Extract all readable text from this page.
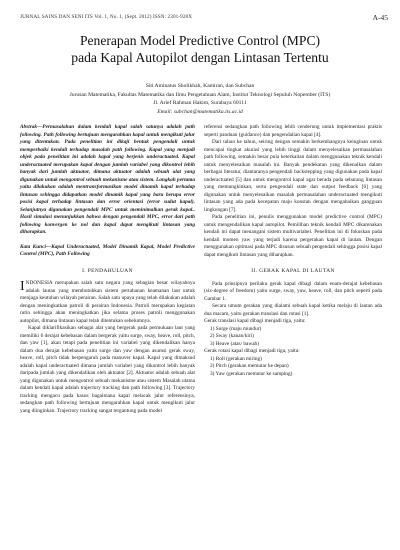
JURNAL SAINS DAN SENI ITS Vol. 1, No. 1, (Sept. 2012) ISSN: 2301-928X	A-45
Penerapan Model Predictive Control (MPC)
pada Kapal Autopilot dengan Lintasan Tertentu
Siti Aminatus Sholikhah, Kamiran, dan Subchan
Jurusan Matematika, Fakultas Matematika dan Ilmu Pengetahuan Alam, Institut Teknologi Sepuluh Nopember (ITS)
Jl. Arief Rahman Hakim, Surabaya 60111
Email: subchan@matematika.its.ac.id
Abstrak—Permasalahan dalam kendali kapal salah satunya adalah path following. Path following bertujuan mengarahkan kapal untuk mengikuti jalur yang ditentukan. Pada penelitian ini dikaji bentuk pengendali untuk memperbaiki kendali terhadap masalah path following. Kapal yang menjadi objek pada penelitian ini adalah kapal yang berjenis underactuated. Kapal underactuated merupakan kapal dengan jumlah variabel yang dikontrol lebih banyak dari jumlah aktuator, dimana aktuator adalah sebuah alat yang digunakan untuk mengontrol sebuah mekanisme atau sistem. Langkah pertama yaitu dilakukan adalah mentransformasikan model dinamik kapal terhadap lintasan sehingga didapatkan model dinamik kapal yang baru berupa error posisi kapal terhadap lintasan dan error orientasi (error sudut kapal). Selanjutnya digunakan pengendali MPC untuk meminimalkan gerak kapal.. Hasil simulasi menunjukkan bahwa dengan pengendali MPC, error dari path following konvergen ke nol dan kapal dapat mengikuti lintasan yang diharapkan.
Kata Kunci—Kapal Underactuated, Model Dinamik Kapal, Model Predictive Control (MPC), Path Following
I. PENDAHULUAN
INDONESIA merupakan salah satu negara yang sebagian besar wilayahnya adalah lautan yang membutuhkan sistem pertahanan keamanan laut untuk menjaga keutuhan wilayah perairan. Salah satu upaya yang telah dilakukan adalah dengan meningkatkan patroli di perairan Indonesia. Patroli merupakan kegiatan rutin sehingga akan meningkatkan jika selama proses patroli menggunakan autopilot, dimana lintasan kapal telah ditentukan sebelumnya.

Kapal diklarifikasikan sebagai alat yang bergerak pada permukaan laut yang memiliki 6 derajat kebebasan dalam bergerak yaitu surge, sway, heave, roll, pitch, dan yaw [1], akan tetapi pada penelitian ini variabel yang dikendalikan hanya dalam dua derajat kebebasan yaitu surge dan yaw dengan asumsi gerak sway, heave, roll, pitch tidak berpengaruh pada manuver kapal. Kapal yang dimaksud adalah kapal underactuated dimana jumlah variabel yang dikontrol lebih banyak daripada jumlah yang dikendalikan oleh aktuator [2]. Aktuator adalah sebuah alat yang digunakan untuk mengontrol sebuah mekanisme atau sistem Masalah utama dalam kendali kapal adalah trajectory tracking dan path following [3]. Trajectory tracking mengacu pada kasus bagaimana kapal melacak jalur referensinya, sedangkan path following bertujuan mengarahkan kapal untuk mengikuti jalur yang diinginkan. Trajectory tracking sangat tergantung pada model

referensi sedangkan path following lebih cenderung untuk implementasi praktis seperti panduan (guidance) dan pengendalian kapal [4].

Dari tahun ke tahun, seiring dengan semakin berkembangnya keinginan untuk mencapai tingkat akurasi yang lebih tinggi dalam menyelesaikan permasalahan path following, semakin besar pula keterkaitan dalam menggunakan teknik kendali untuk menyelesaikan masalah ini. Banyak pendekatan yang dikenalkan dalam berbagai literatur, diantaranya pengendali backstepping yang digunakan pada kapal underactuated [5] dan untuk mengontrol kapal agar berada pada sebarang lintasan yang memungkinkan, serta pengendali state dan output feedback [6] yang digunakan untuk menyelesaikan masalah permasalahan underactuated mengikuti lintasan yang ada pada kecepatan maju konstan dengan mengabaikan gangguan lingkungan [7].

Pada penelitian ini, penulis menggunakan model predictive control (MPC) untuk mengendalikan kapal autopilot. Pemilihan teknik kendali MPC dikarenakan kendali ini dapat menangani sistem multivariabel. Penelitian ini di fokuskan pada kendali momen yaw yang terjadi karena pergerakan kapal di lautan. Dengan menggunakan optimasi pada MPC disusun sebuah pengendali sehingga posisi kapal dapat mengikuti lintasan yang diharapkan.

II. GERAK KAPAL DI LAUTAN

Pada prinsipnya perilaku gerak kapal dibagi dalam enam-derajat kebebasan (six-degree of freedom) yaitu surge, sway, yaw, heave, roll, dan pitch seperti pada Gambar 1.

Secara umum gerakan yang dialami sebuah kapal ketika melaju di lautan ada dua macam, yaitu gerakan translasi dan rotasi [1].

Gerak translasi kapal dibagi menjadi tiga, yaitu:

1) Surge (maju mundur)
2) Sway (kanan/kiri)
3) Heave (atas/ bawah)

Gerak rotasi kapal dibagi menjadi tiga, yaitu:

1) Roll (gerakan miring)
2) Pitch (gerakan memutar ke depan)
3) Yaw (gerakan memutar ke samping)
